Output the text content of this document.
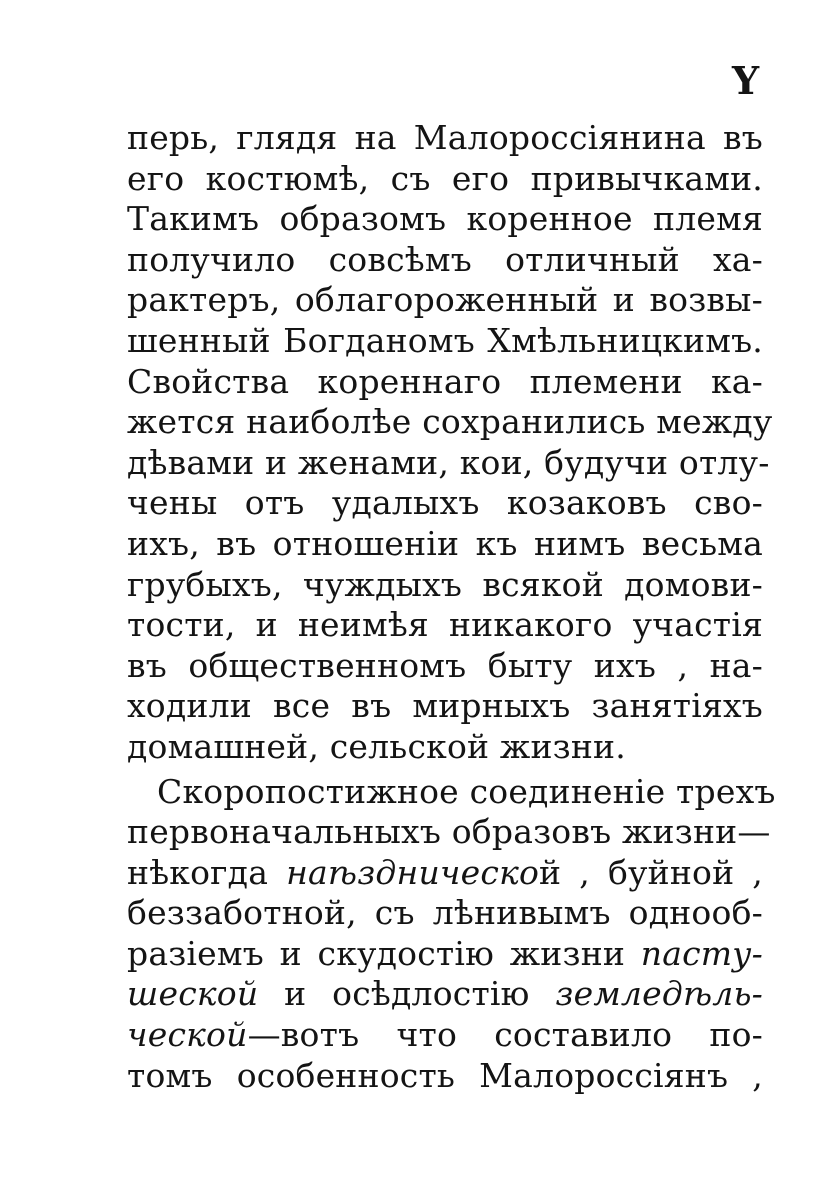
Y
перь, глядя на Малороссіянина въ
его костюмѣ, съ его привычками.
Такимъ образомъ коренное племя
получило совсѣмъ отличный ха-
рактеръ, облагороженный и возвы-
шенный Богданомъ Хмѣльницкимъ.
Свойства кореннаго племени ка-
жется наиболѣе сохранились между
дѣвами и женами, кои, будучи отлу-
чены отъ удалыхъ козаковъ сво-
ихъ, въ отношеніи къ нимъ весьма
грубыхъ, чуждыхъ всякой домови-
тости, и неимѣя никакого участія
въ общественномъ быту ихъ , на-
ходили все въ мирныхъ занятіяхъ
домашней, сельской жизни.
Скоропостижное соединеніе трехъ
первоначальныхъ образовъ жизни—
нѣкогда наѣзднической , буйной ,
беззаботной, съ лѣнивымъ однооб-
разіемъ и скудостію жизни пасту-
шеской и осѣдлостію земледѣль-
ческой—вотъ что составило по-
томъ особенность Малороссіянъ ,
